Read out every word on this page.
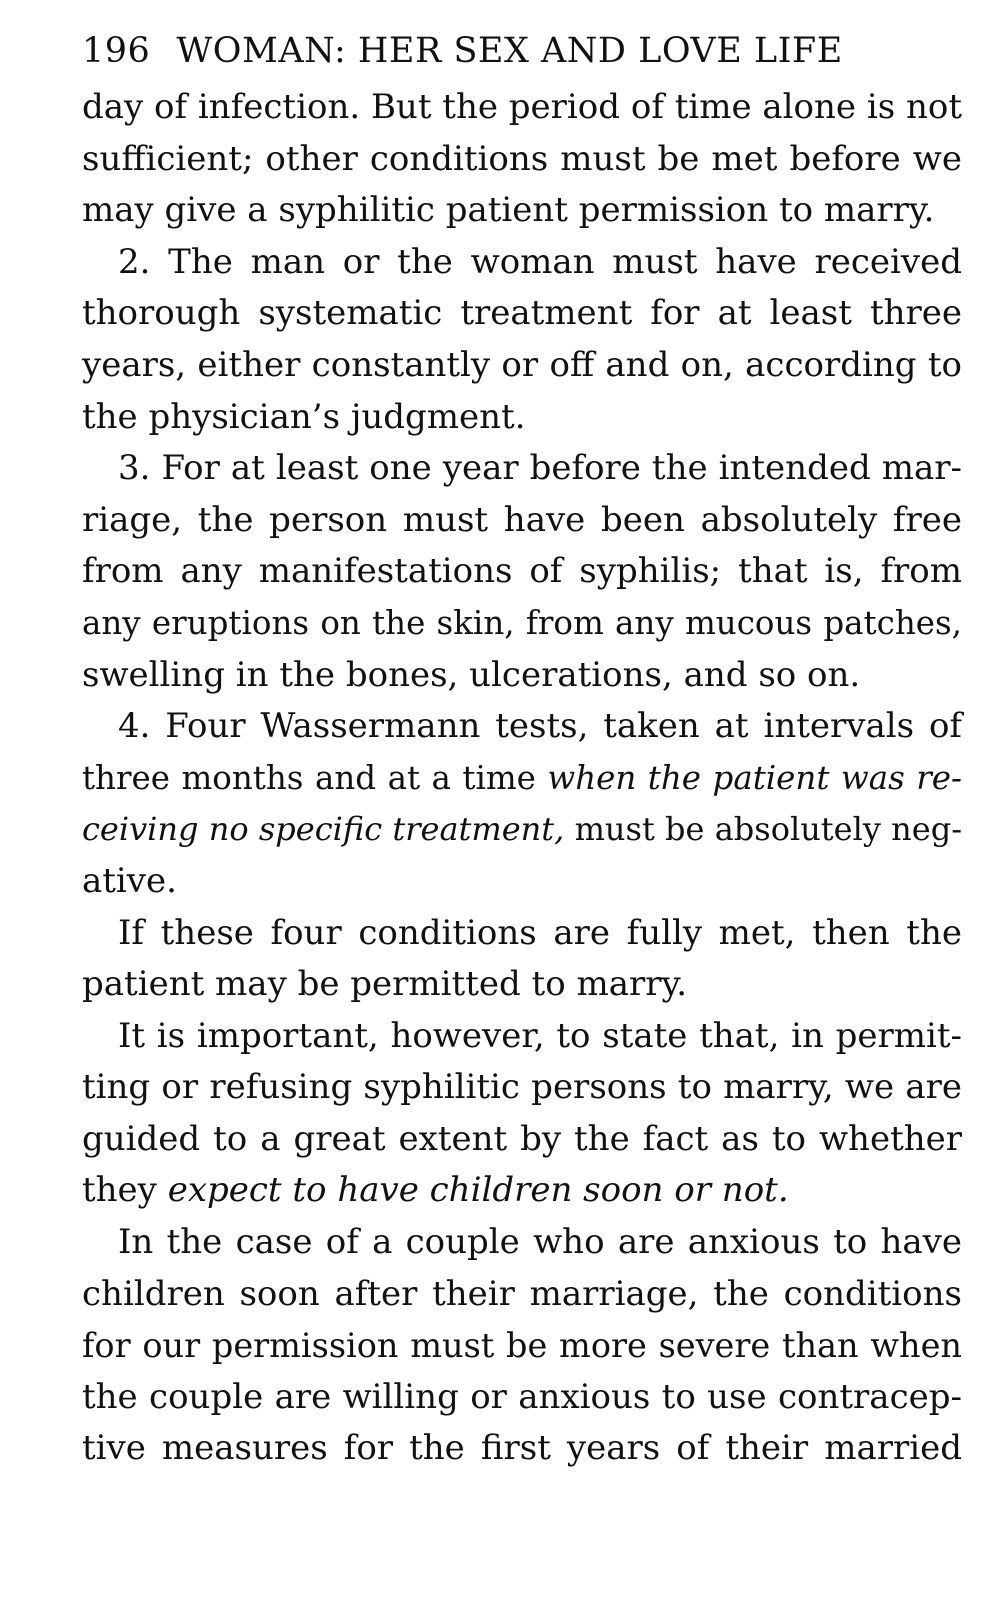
196 WOMAN: HER SEX AND LOVE LIFE
day of infection. But the period of time alone is not
sufficient; other conditions must be met before we
may give a syphilitic patient permission to marry.
2. The man or the woman must have received
thorough systematic treatment for at least three
years, either constantly or off and on, according to
the physician’s judgment.
3. For at least one year before the intended mar-
riage, the person must have been absolutely free
from any manifestations of syphilis; that is, from
any eruptions on the skin, from any mucous patches,
swelling in the bones, ulcerations, and so on.
4. Four Wassermann tests, taken at intervals of
three months and at a time when the patient was re-
ceiving no specific treatment, must be absolutely neg-
ative.
If these four conditions are fully met, then the
patient may be permitted to marry.
It is important, however, to state that, in permit-
ting or refusing syphilitic persons to marry, we are
guided to a great extent by the fact as to whether
they expect to have children soon or not.
In the case of a couple who are anxious to have
children soon after their marriage, the conditions
for our permission must be more severe than when
the couple are willing or anxious to use contracep-
tive measures for the first years of their married
